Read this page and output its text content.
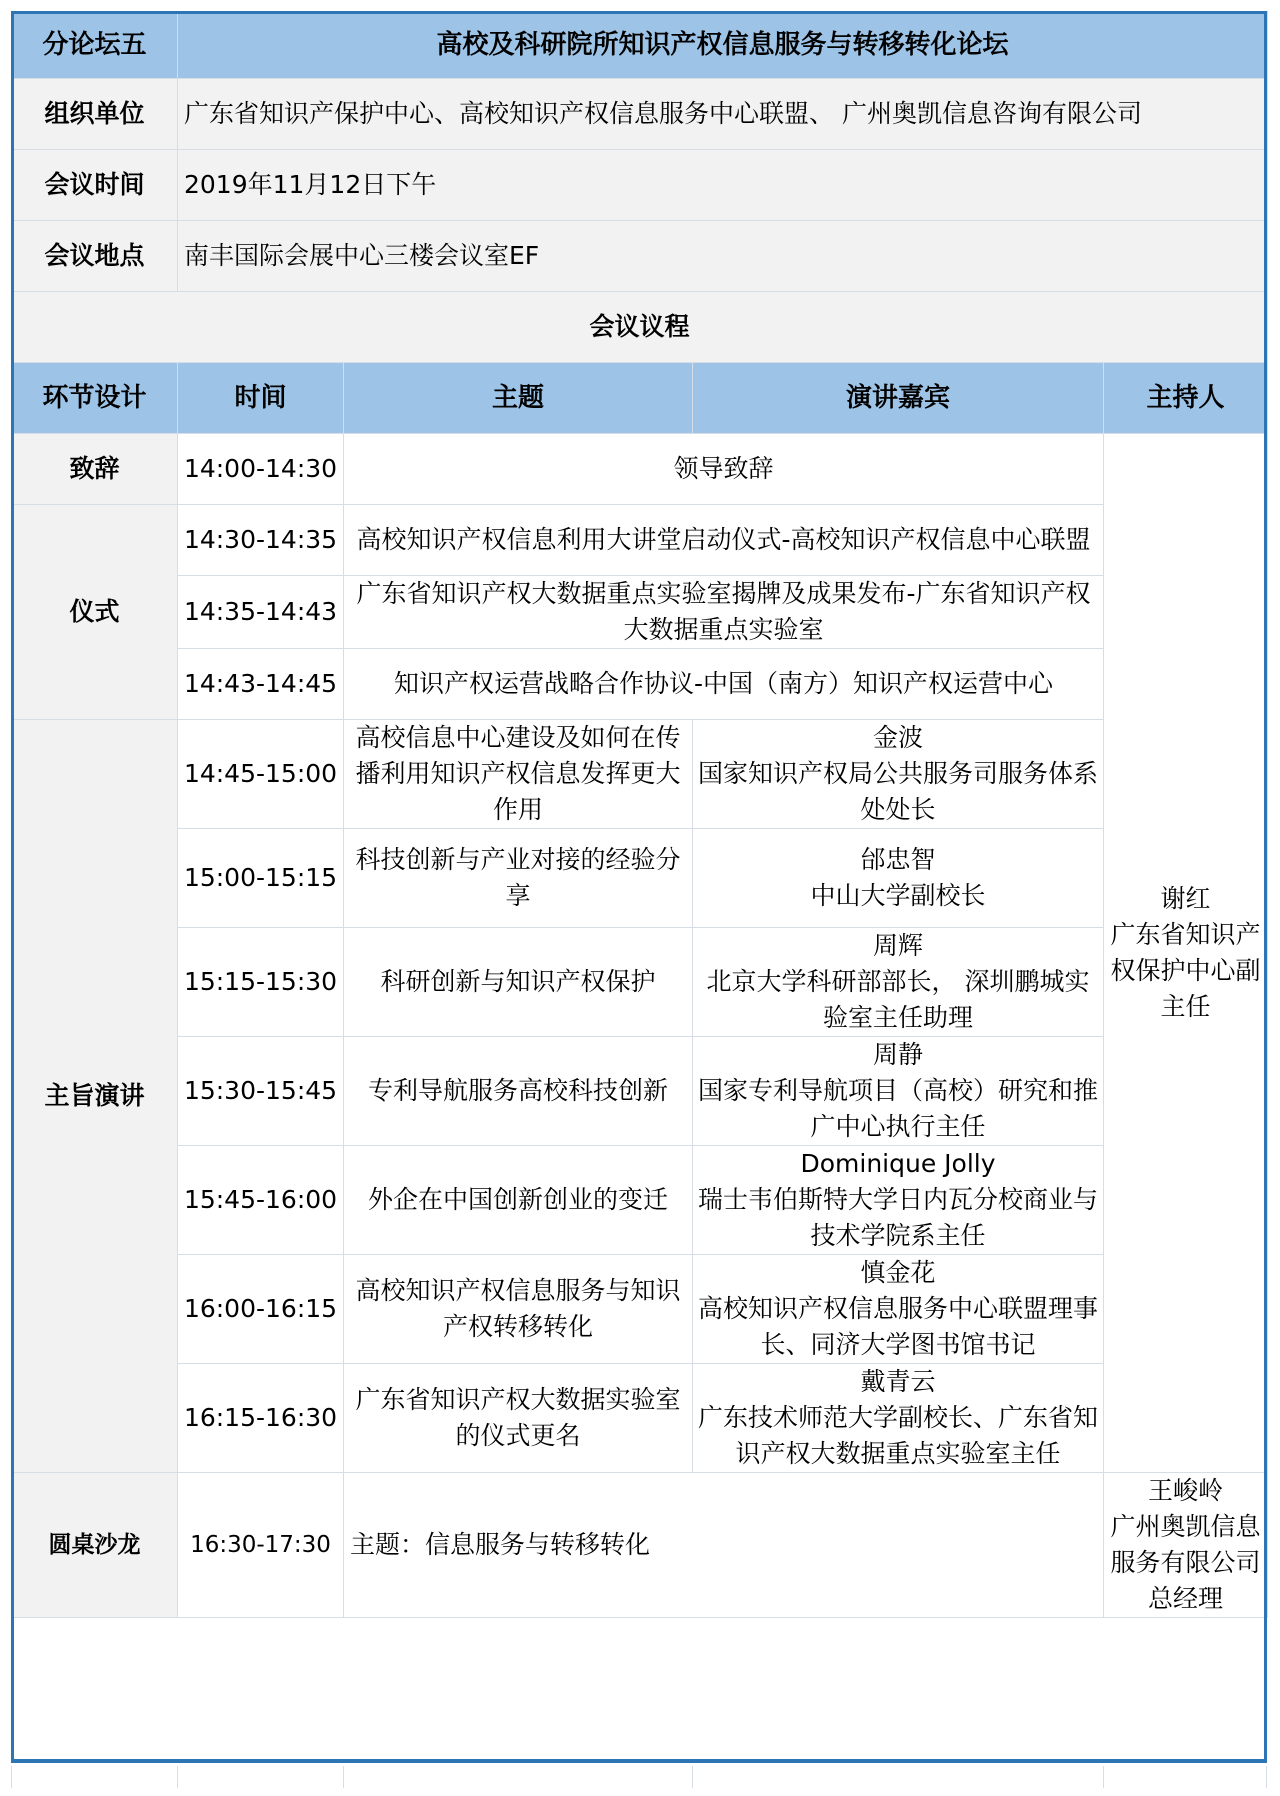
分论坛五	高校及科研院所知识产权信息服务与转移转化论坛			
组织单位	广东省知识产保护中心、高校知识产权信息服务中心联盟、 广州奥凯信息咨询有限公司			
会议时间	2019年11月12日下午			
会议地点	南丰国际会展中心三楼会议室EF			
会议议程				
环节设计	时间	主题	演讲嘉宾	主持人
致辞	14:00-14:30	领导致辞		谢红
广东省知识产权保护中心副主任

仪式	14:30-14:35	高校知识产权信息利用大讲堂启动仪式-高校知识产权信息中心联盟		
	14:35-14:43	广东省知识产权大数据重点实验室揭牌及成果发布-广东省知识产权大数据重点实验室		
	14:43-14:45	知识产权运营战略合作协议-中国（南方）知识产权运营中心		
主旨演讲	14:45-15:00	高校信息中心建设及如何在传播利用知识产权信息发挥更大作用	金波
国家知识产权局公共服务司服务体系处处长	

	15:00-15:15	科技创新与产业对接的经验分享	邰忠智
中山大学副校长	

	15:15-15:30	科研创新与知识产权保护	周辉
北京大学科研部部长， 深圳鹏城实验室主任助理	

	15:30-15:45	专利导航服务高校科技创新	周静
国家专利导航项目（高校）研究和推广中心执行主任	

	15:45-16:00	外企在中国创新创业的变迁	Dominique Jolly
瑞士韦伯斯特大学日内瓦分校商业与技术学院系主任	

	16:00-16:15	高校知识产权信息服务与知识产权转移转化	慎金花
高校知识产权信息服务中心联盟理事长、同济大学图书馆书记	

	16:15-16:30	广东省知识产权大数据实验室的仪式更名	戴青云
广东技术师范大学副校长、广东省知识产权大数据重点实验室主任	

圆桌沙龙	16:30-17:30	主题：信息服务与转移转化		王峻岭
广州奥凯信息服务有限公司总经理
